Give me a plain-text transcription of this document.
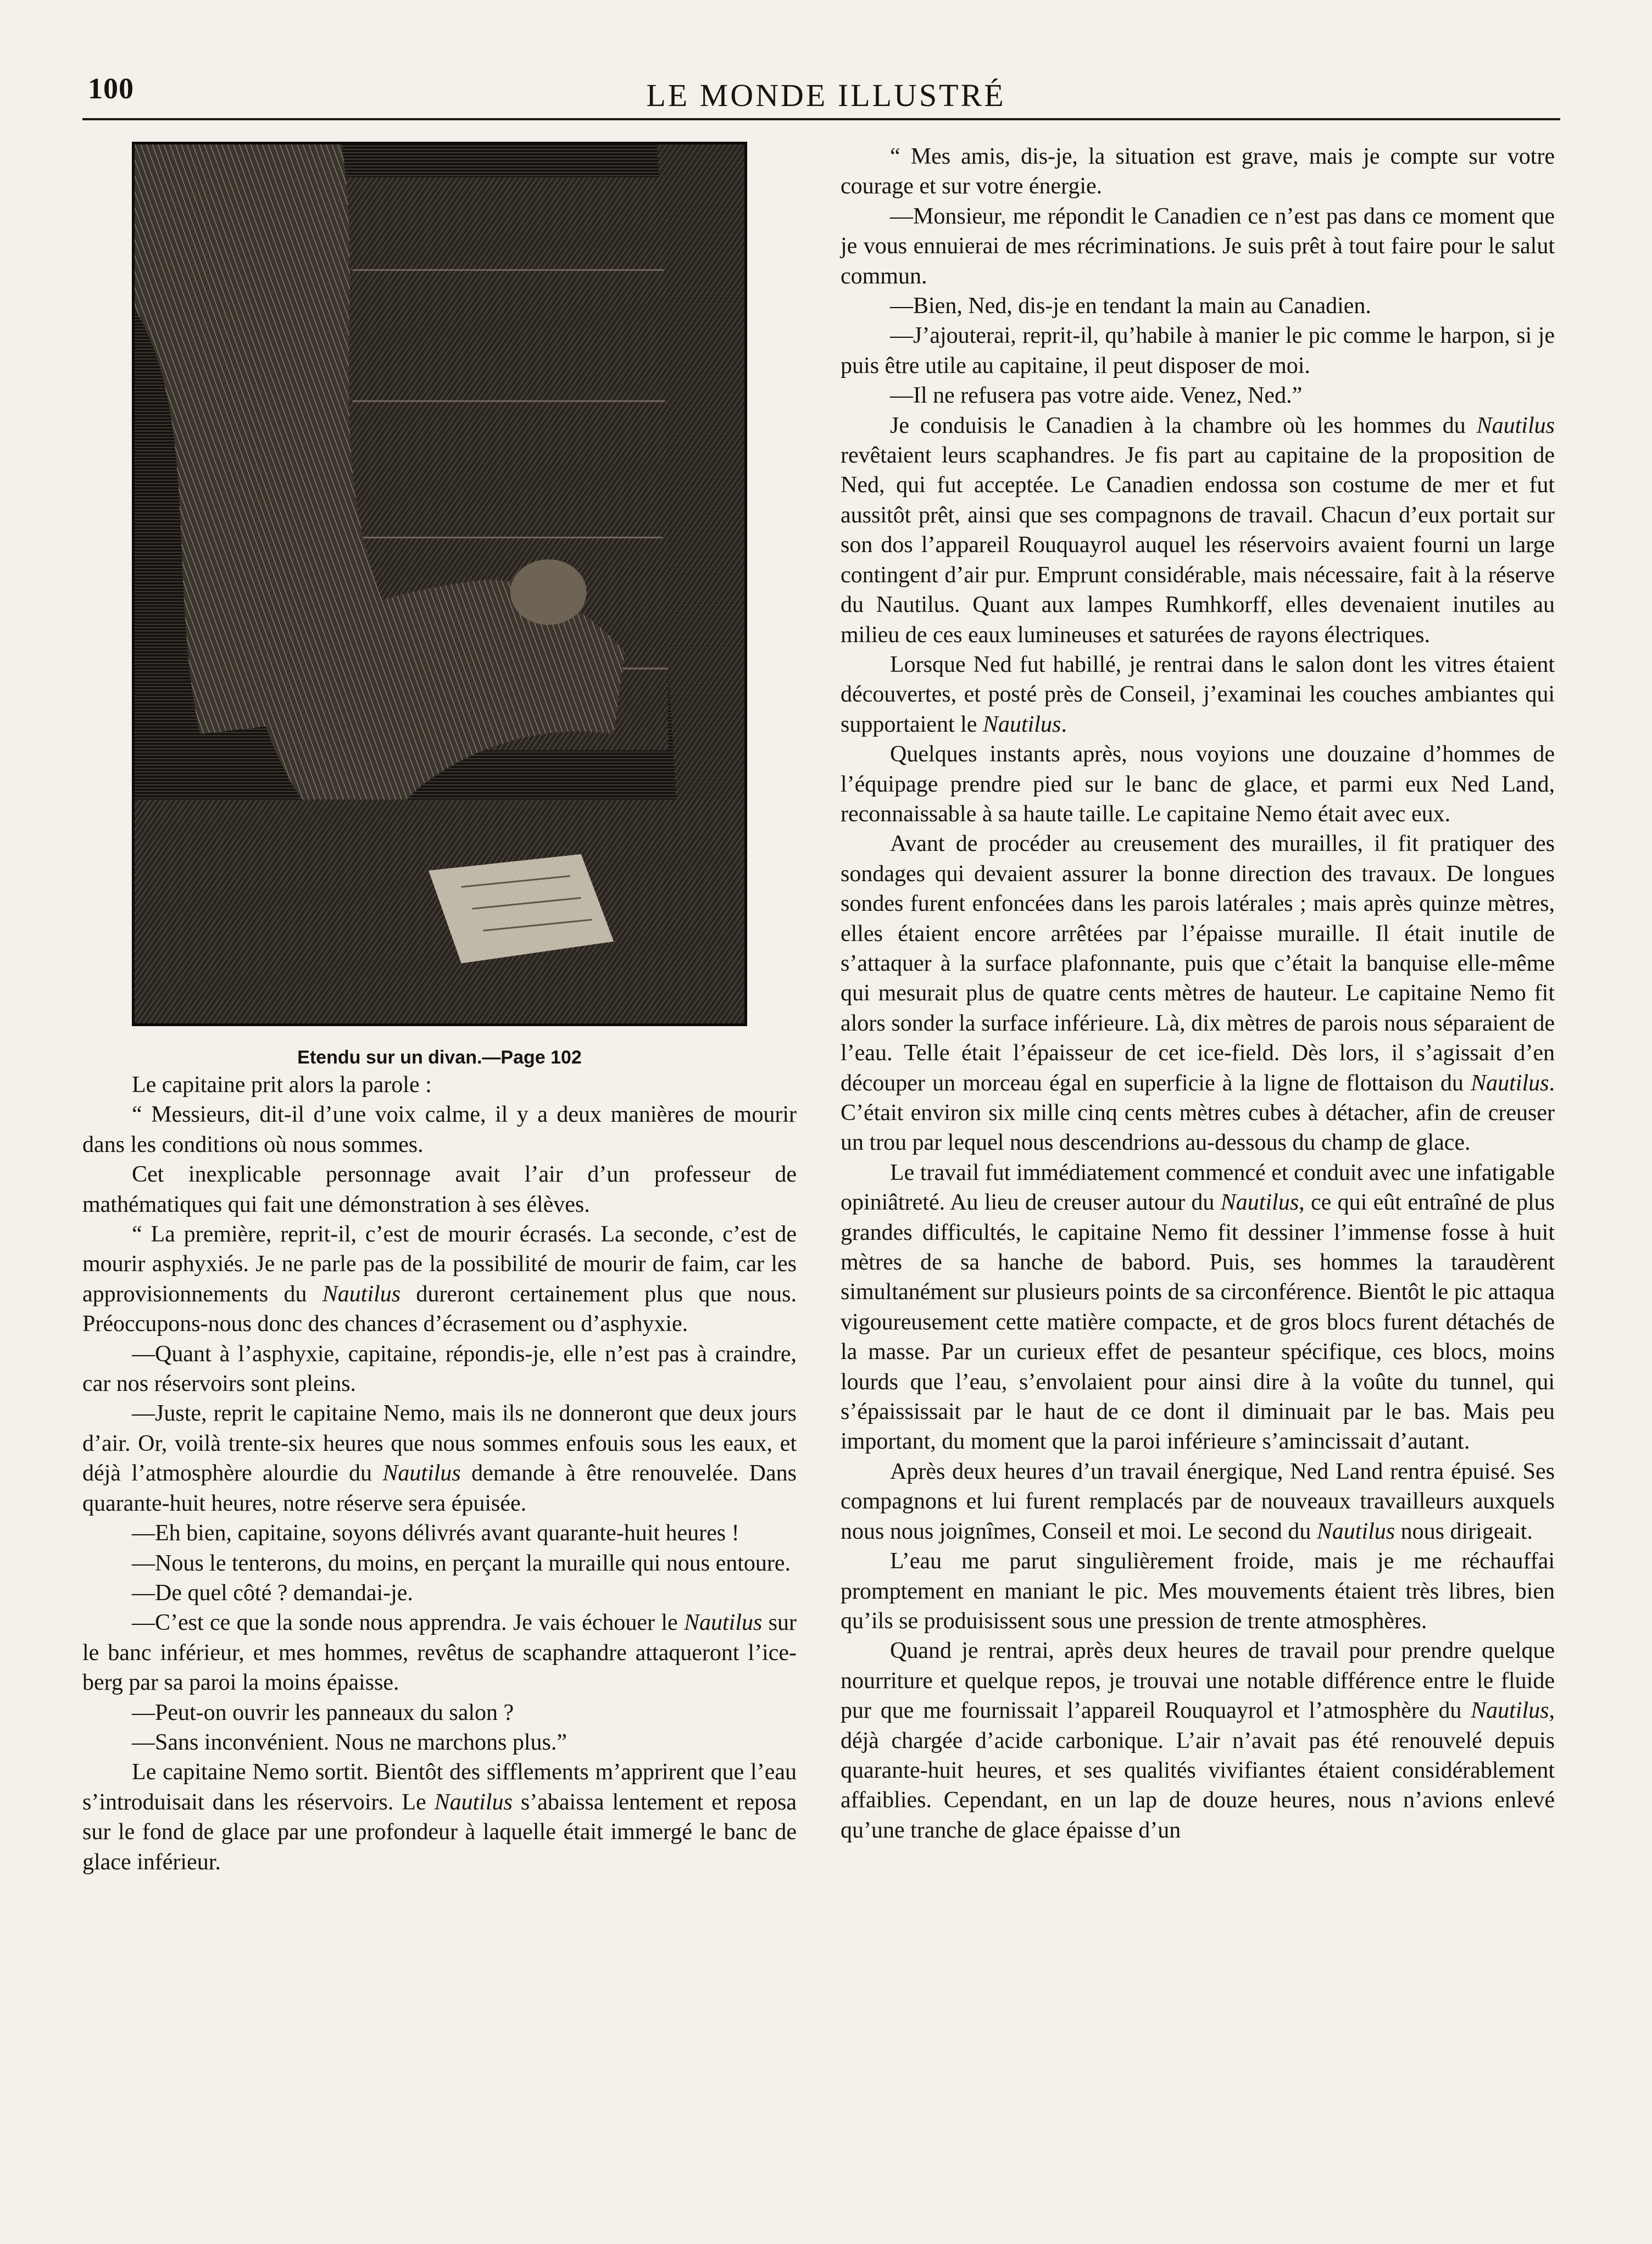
100	LE MONDE ILLUSTRÉ
Etendu sur un divan.—Page 102

Le capitaine prit alors la parole :

“ Messieurs, dit-il d’une voix calme, il y a deux manières de mourir dans les conditions où nous sommes.

Cet inexplicable personnage avait l’air d’un professeur de mathématiques qui fait une démonstration à ses élèves.

“ La première, reprit-il, c’est de mourir écrasés. La seconde, c’est de mourir asphyxiés. Je ne parle pas de la possibilité de mourir de faim, car les approvisionnements du Nautilus dureront certainement plus que nous. Préoccupons-nous donc des chances d’écrasement ou d’asphyxie.

—Quant à l’asphyxie, capitaine, répondis-je, elle n’est pas à craindre, car nos réservoirs sont pleins.

—Juste, reprit le capitaine Nemo, mais ils ne donneront que deux jours d’air. Or, voilà trente-six heures que nous sommes enfouis sous les eaux, et déjà l’atmosphère alourdie du Nautilus demande à être renouvelée. Dans quarante-huit heures, notre réserve sera épuisée.

—Eh bien, capitaine, soyons délivrés avant quarante-huit heures !

—Nous le tenterons, du moins, en perçant la muraille qui nous entoure.

—De quel côté ? demandai-je.

—C’est ce que la sonde nous apprendra. Je vais échouer le Nautilus sur le banc inférieur, et mes hommes, revêtus de scaphandre attaqueront l’ice-berg par sa paroi la moins épaisse.

—Peut-on ouvrir les panneaux du salon ?

—Sans inconvénient. Nous ne marchons plus.”

Le capitaine Nemo sortit. Bientôt des sifflements m’apprirent que l’eau s’introduisait dans les réservoirs. Le Nautilus s’abaissa lentement et reposa sur le fond de glace par une profondeur à laquelle était immergé le banc de glace inférieur.

“ Mes amis, dis-je, la situation est grave, mais je compte sur votre courage et sur votre énergie.

—Monsieur, me répondit le Canadien ce n’est pas dans ce moment que je vous ennuierai de mes récriminations. Je suis prêt à tout faire pour le salut commun.

—Bien, Ned, dis-je en tendant la main au Canadien.

—J’ajouterai, reprit-il, qu’habile à manier le pic comme le harpon, si je puis être utile au capitaine, il peut disposer de moi.

—Il ne refusera pas votre aide. Venez, Ned.”

Je conduisis le Canadien à la chambre où les hommes du Nautilus revêtaient leurs scaphandres. Je fis part au capitaine de la proposition de Ned, qui fut acceptée. Le Canadien endossa son costume de mer et fut aussitôt prêt, ainsi que ses compagnons de travail. Chacun d’eux portait sur son dos l’appareil Rouquayrol auquel les réservoirs avaient fourni un large contingent d’air pur. Emprunt considérable, mais nécessaire, fait à la réserve du Nautilus. Quant aux lampes Rumhkorff, elles devenaient inutiles au milieu de ces eaux lumineuses et saturées de rayons électriques.

Lorsque Ned fut habillé, je rentrai dans le salon dont les vitres étaient découvertes, et posté près de Conseil, j’examinai les couches ambiantes qui supportaient le Nautilus.

Quelques instants après, nous voyions une douzaine d’hommes de l’équipage prendre pied sur le banc de glace, et parmi eux Ned Land, reconnaissable à sa haute taille. Le capitaine Nemo était avec eux.

Avant de procéder au creusement des murailles, il fit pratiquer des sondages qui devaient assurer la bonne direction des travaux. De longues sondes furent enfoncées dans les parois latérales ; mais après quinze mètres, elles étaient encore arrêtées par l’épaisse muraille. Il était inutile de s’attaquer à la surface plafonnante, puis que c’était la banquise elle-même qui mesurait plus de quatre cents mètres de hauteur. Le capitaine Nemo fit alors sonder la surface inférieure. Là, dix mètres de parois nous séparaient de l’eau. Telle était l’épaisseur de cet ice-field. Dès lors, il s’agissait d’en découper un morceau égal en superficie à la ligne de flottaison du Nautilus. C’était environ six mille cinq cents mètres cubes à détacher, afin de creuser un trou par lequel nous descendrions au-dessous du champ de glace.

Le travail fut immédiatement commencé et conduit avec une infatigable opiniâtreté. Au lieu de creuser autour du Nautilus, ce qui eût entraîné de plus grandes difficultés, le capitaine Nemo fit dessiner l’immense fosse à huit mètres de sa hanche de babord. Puis, ses hommes la taraudèrent simultanément sur plusieurs points de sa circonférence. Bientôt le pic attaqua vigoureusement cette matière compacte, et de gros blocs furent détachés de la masse. Par un curieux effet de pesanteur spécifique, ces blocs, moins lourds que l’eau, s’envolaient pour ainsi dire à la voûte du tunnel, qui s’épaississait par le haut de ce dont il diminuait par le bas. Mais peu important, du moment que la paroi inférieure s’amincissait d’autant.

Après deux heures d’un travail énergique, Ned Land rentra épuisé. Ses compagnons et lui furent remplacés par de nouveaux travailleurs auxquels nous nous joignîmes, Conseil et moi. Le second du Nautilus nous dirigeait.

L’eau me parut singulièrement froide, mais je me réchauffai promptement en maniant le pic. Mes mouvements étaient très libres, bien qu’ils se produisissent sous une pression de trente atmosphères.

Quand je rentrai, après deux heures de travail pour prendre quelque nourriture et quelque repos, je trouvai une notable différence entre le fluide pur que me fournissait l’appareil Rouquayrol et l’atmosphère du Nautilus, déjà chargée d’acide carbonique. L’air n’avait pas été renouvelé depuis quarante-huit heures, et ses qualités vivifiantes étaient considérablement affaiblies. Cependant, en un lap de douze heures, nous n’avions enlevé qu’une tranche de glace épaisse d’un
